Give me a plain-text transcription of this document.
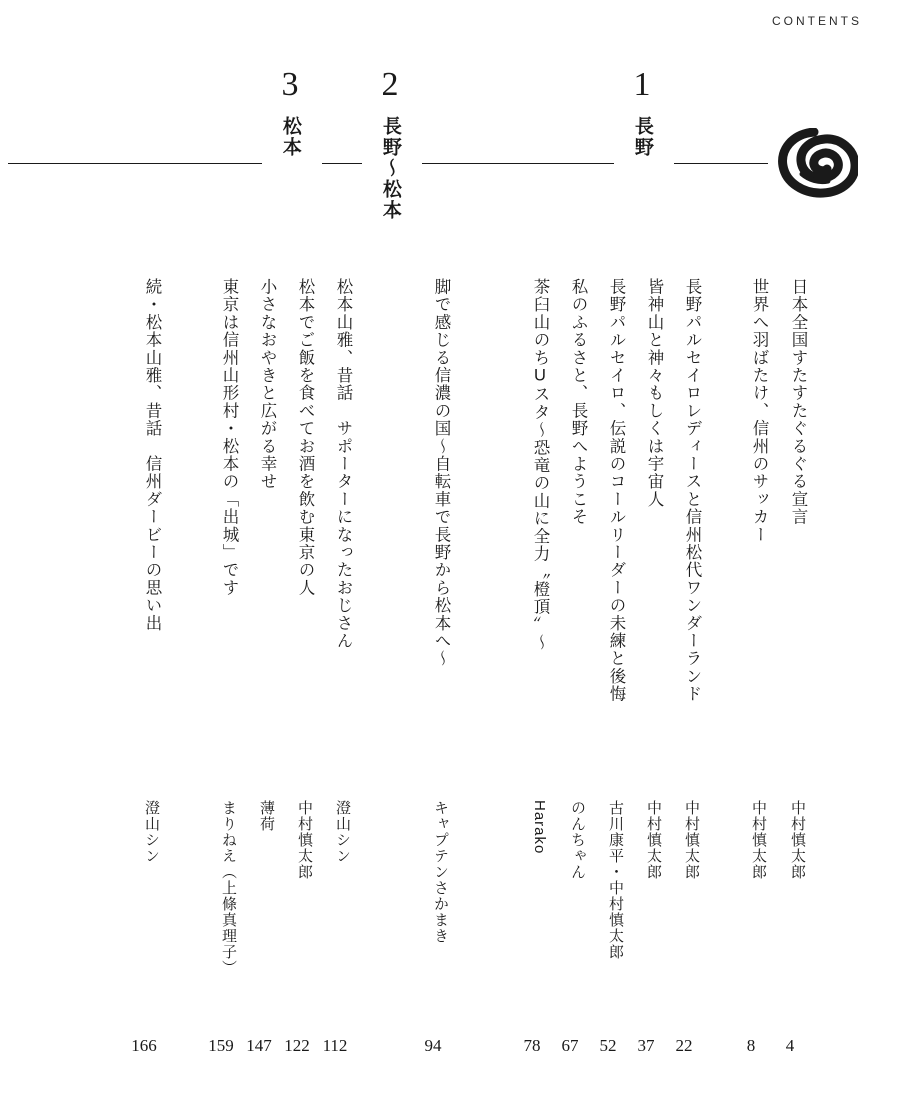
CONTENTS
1
長野
2
長野〜松本
3
松本
日本全国すたすたぐるぐる宣言
中村慎太郎
4
世界へ羽ばたけ、信州のサッカー
中村慎太郎
8
長野パルセイロレディースと信州松代ワンダーランド
中村慎太郎
22
皆神山と神々もしくは宇宙人
中村慎太郎
37
長野パルセイロ、伝説のコールリーダーの未練と後悔
古川康平・中村慎太郎
52
私のふるさと、長野へようこそ
のんちゃん
67
茶臼山のちUスタ〜恐竜の山に全力〝橙頂〟〜
Harako
78
脚で感じる信濃の国〜自転車で長野から松本へ〜
キャプテンさかまき
94
松本山雅、昔話　サポーターになったおじさん
澄山シン
112
松本でご飯を食べてお酒を飲む東京の人
中村慎太郎
122
小さなおやきと広がる幸せ
薄荷
147
東京は信州山形村・松本の「出城」です
まりねえ（上條真理子）
159
続・松本山雅、昔話　信州ダービーの思い出
澄山シン
166
